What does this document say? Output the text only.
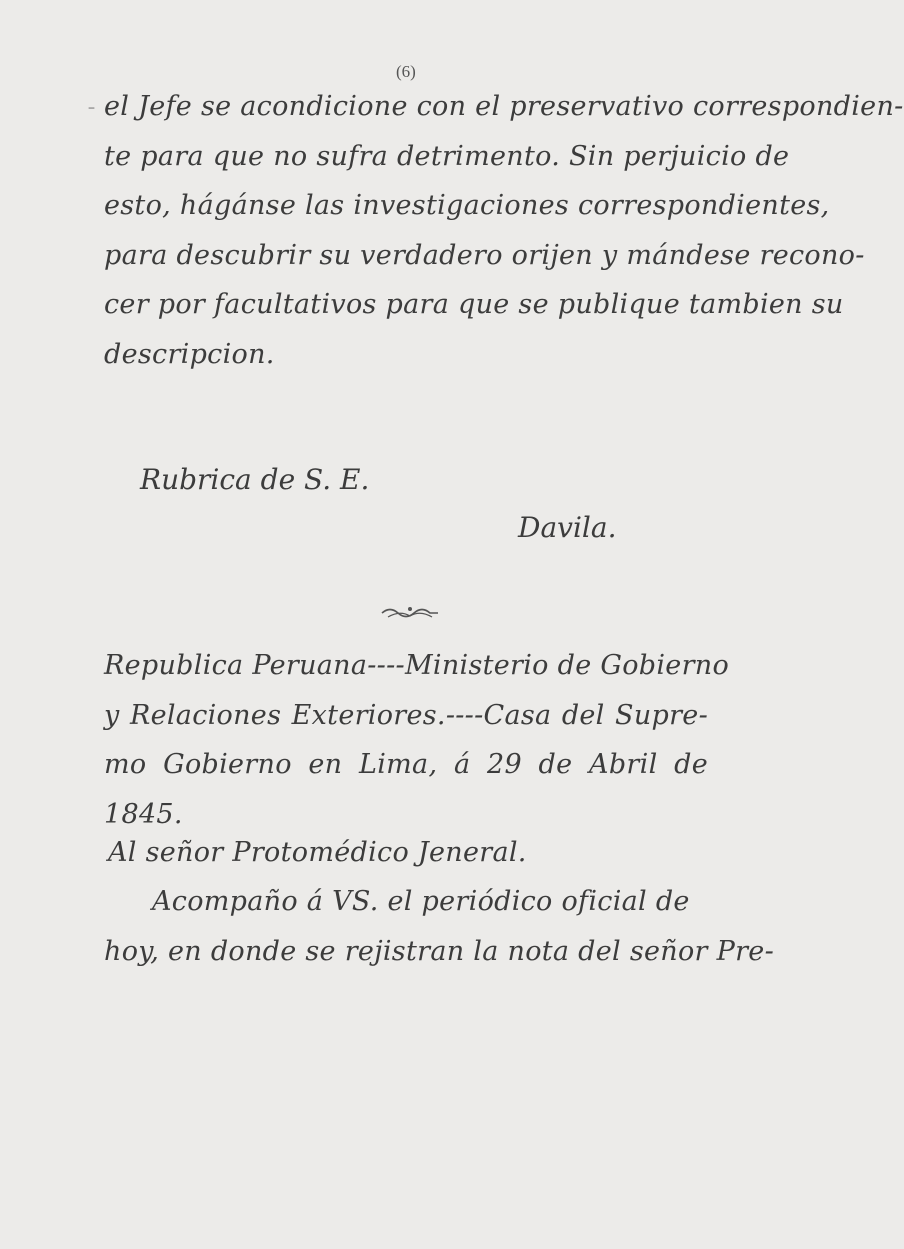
(6)
– el Jefe se acondicione con el preservativo correspondien-
te para que no sufra detrimento. Sin perjuicio de
esto, hágánse las investigaciones correspondientes,
para descubrir su verdadero orijen y mándese recono-
cer por facultativos para que se publique tambien su
descripcion.
Rubrica de S. E.
Davila.
Republica Peruana----Ministerio de Gobierno
y Relaciones Exteriores.----Casa del Supre-
mo Gobierno en Lima, á 29 de Abril de
1845.
Al señor Protomédico Jeneral.
Acompaño á VS. el periódico oficial de
hoy, en donde se rejistran la nota del señor Pre-
